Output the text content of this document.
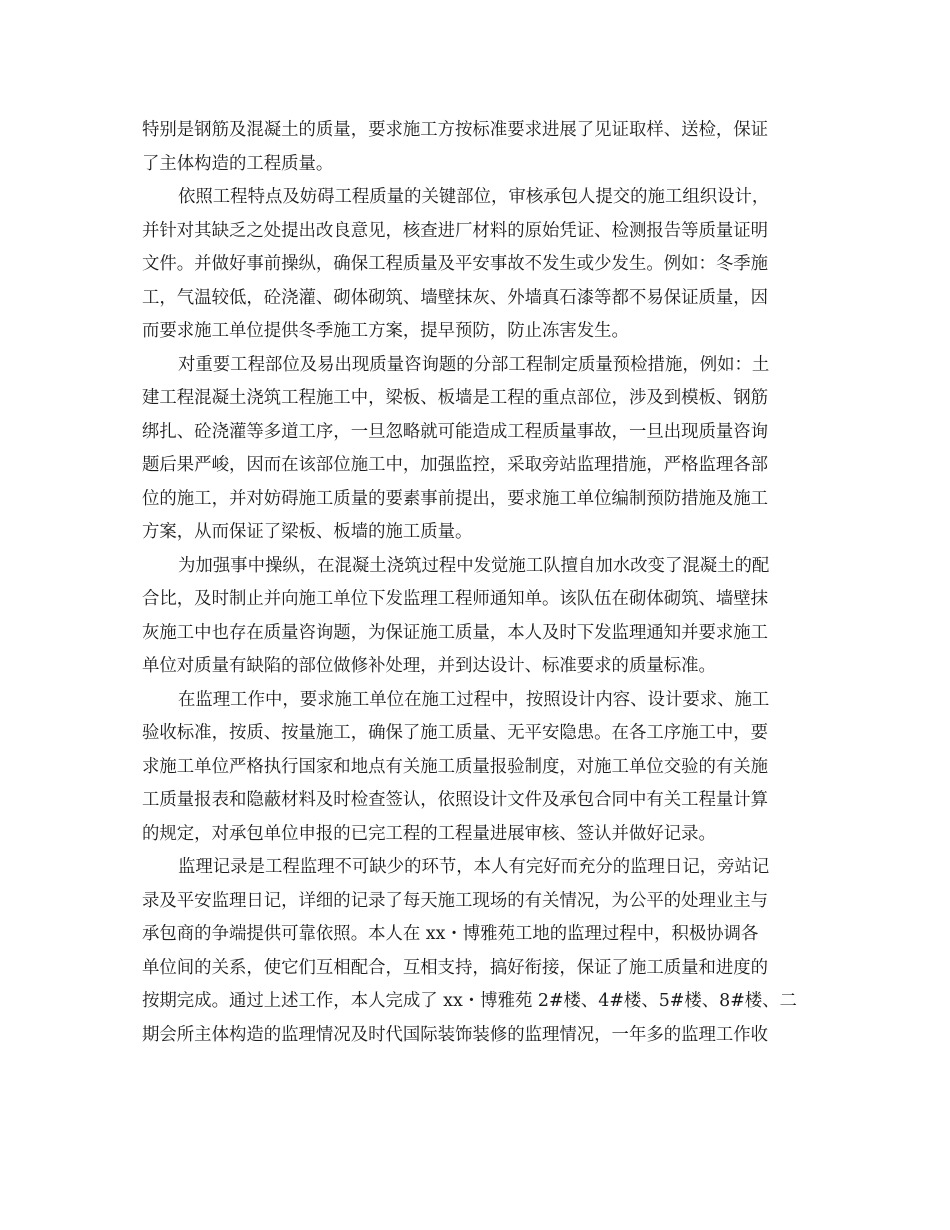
特别是钢筋及混凝土的质量，要求施工方按标准要求进展了见证取样、送检，保证
了主体构造的工程质量。
依照工程特点及妨碍工程质量的关键部位，审核承包人提交的施工组织设计，
并针对其缺乏之处提出改良意见，核查进厂材料的原始凭证、检测报告等质量证明
文件。并做好事前操纵，确保工程质量及平安事故不发生或少发生。例如：冬季施
工，气温较低，砼浇灌、砌体砌筑、墙壁抹灰、外墙真石漆等都不易保证质量，因
而要求施工单位提供冬季施工方案，提早预防，防止冻害发生。
对重要工程部位及易出现质量咨询题的分部工程制定质量预检措施，例如：土
建工程混凝土浇筑工程施工中，梁板、板墙是工程的重点部位，涉及到模板、钢筋
绑扎、砼浇灌等多道工序，一旦忽略就可能造成工程质量事故，一旦出现质量咨询
题后果严峻，因而在该部位施工中，加强监控，采取旁站监理措施，严格监理各部
位的施工，并对妨碍施工质量的要素事前提出，要求施工单位编制预防措施及施工
方案，从而保证了梁板、板墙的施工质量。
为加强事中操纵，在混凝土浇筑过程中发觉施工队擅自加水改变了混凝土的配
合比，及时制止并向施工单位下发监理工程师通知单。该队伍在砌体砌筑、墙壁抹
灰施工中也存在质量咨询题，为保证施工质量，本人及时下发监理通知并要求施工
单位对质量有缺陷的部位做修补处理，并到达设计、标准要求的质量标准。
在监理工作中，要求施工单位在施工过程中，按照设计内容、设计要求、施工
验收标准，按质、按量施工，确保了施工质量、无平安隐患。在各工序施工中，要
求施工单位严格执行国家和地点有关施工质量报验制度，对施工单位交验的有关施
工质量报表和隐蔽材料及时检查签认，依照设计文件及承包合同中有关工程量计算
的规定，对承包单位申报的已完工程的工程量进展审核、签认并做好记录。
监理记录是工程监理不可缺少的环节，本人有完好而充分的监理日记，旁站记
录及平安监理日记，详细的记录了每天施工现场的有关情况，为公平的处理业主与
承包商的争端提供可靠依照。本人在 xx・博雅苑工地的监理过程中，积极协调各
单位间的关系，使它们互相配合，互相支持，搞好衔接，保证了施工质量和进度的
按期完成。通过上述工作，本人完成了 xx・博雅苑 2#楼、4#楼、5#楼、8#楼、二
期会所主体构造的监理情况及时代国际装饰装修的监理情况，一年多的监理工作收
